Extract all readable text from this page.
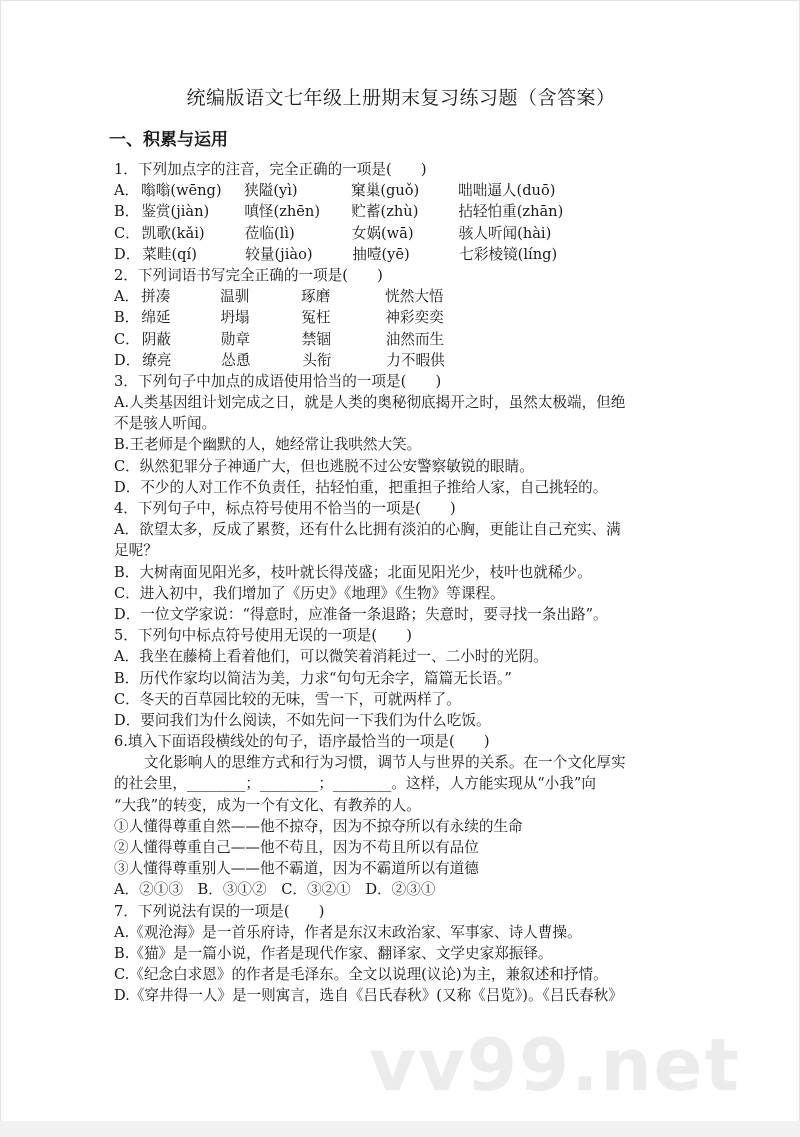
统编版语文七年级上册期末复习练习题（含答案）
一、积累与运用
1．下列加点字的注音，完全正确的一项是(　　)
A． 嗡嗡(wēng)	狭隘(yì)	窠巢(guǒ)	咄咄逼人(duō)
B． 鉴赏(jiàn)	嗔怪(zhēn)	贮蓄(zhù)	拈轻怕重(zhān)
C． 凯歌(kǎi)	莅临(lì)	女娲(wā)	骇人听闻(hài)
D． 菜畦(qí)	较量(jiào)	抽噎(yē)	七彩棱镜(líng)
2．下列词语书写完全正确的一项是(　　)
A． 拼凑	温驯	琢磨	恍然大悟
B． 绵延	坍塌	冤枉	神彩奕奕
C． 阴蔽	勋章	禁锢	油然而生
D． 缭亮	怂恿	头衔	力不暇供
3．下列句子中加点的成语使用恰当的一项是(　　)
A.人类基因组计划完成之日，就是人类的奥秘彻底揭开之时，虽然太极端，但绝
不是骇人听闻。
B.王老师是个幽默的人，她经常让我哄然大笑。
C．纵然犯罪分子神通广大，但也逃脱不过公安警察敏锐的眼睛。
D．不少的人对工作不负责任，拈轻怕重，把重担子推给人家，自己挑轻的。
4．下列句子中，标点符号使用不恰当的一项是(　　)
A．欲望太多，反成了累赘，还有什么比拥有淡泊的心胸，更能让自己充实、满
足呢？
B．大树南面见阳光多，枝叶就长得茂盛；北面见阳光少，枝叶也就稀少。
C．进入初中，我们增加了《历史》《地理》《生物》等课程。
D．一位文学家说：“得意时，应准备一条退路；失意时，要寻找一条出路”。
5．下列句中标点符号使用无误的一项是(　　)
A．我坐在藤椅上看着他们，可以微笑着消耗过一、二小时的光阴。
B．历代作家均以简洁为美，力求“句句无余字，篇篇无长语。”
C．冬天的百草园比较的无味，雪一下，可就两样了。
D．要问我们为什么阅读，不如先问一下我们为什么吃饭。
6.填入下面语段横线处的句子，语序最恰当的一项是(　　)
文化影响人的思维方式和行为习惯，调节人与世界的关系。在一个文化厚实
的社会里，________；________；________。这样，人方能实现从“小我”向
“大我”的转变，成为一个有文化、有教养的人。
①人懂得尊重自然——他不掠夺，因为不掠夺所以有永续的生命
②人懂得尊重自己——他不苟且，因为不苟且所以有品位
③人懂得尊重别人——他不霸道，因为不霸道所以有道德
A．②①③　B．③①②　C．③②①　D．②③①
7．下列说法有误的一项是(　　)
A.《观沧海》是一首乐府诗，作者是东汉末政治家、军事家、诗人曹操。
B.《猫》是一篇小说，作者是现代作家、翻译家、文学史家郑振铎。
C.《纪念白求恩》的作者是毛泽东。全文以说理(议论)为主，兼叙述和抒情。
D.《穿井得一人》是一则寓言，选自《吕氏春秋》(又称《吕览》)。《吕氏春秋》
vv99.net
